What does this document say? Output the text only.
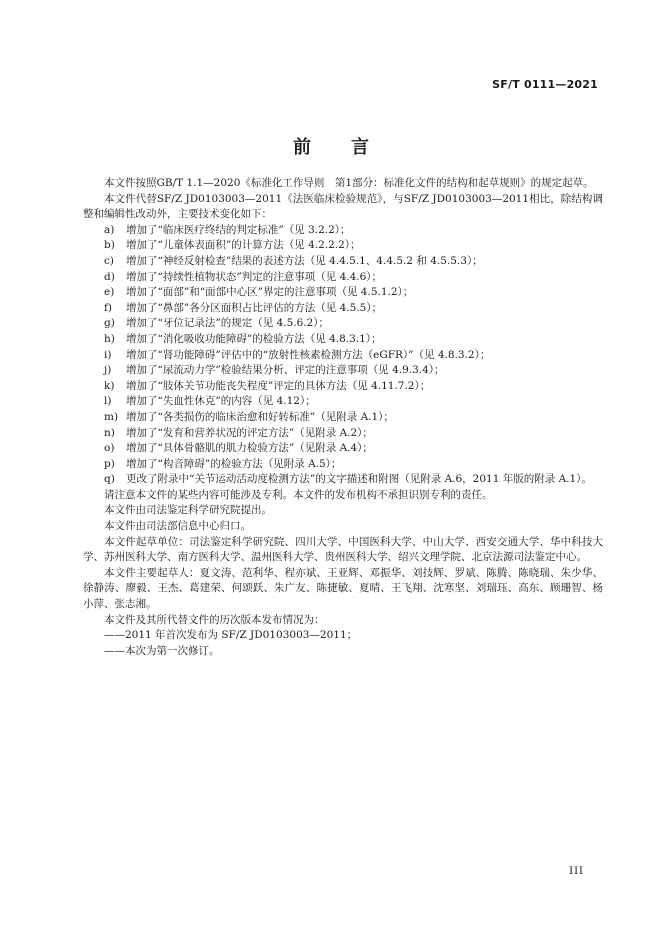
SF/T 0111—2021
前言

本文件按照GB/T 1.1—2020《标准化工作导则　第1部分：标准化文件的结构和起草规则》的规定起草。

本文件代替SF/Z JD0103003—2011《法医临床检验规范》，与SF/Z JD0103003—2011相比，除结构调整和编辑性改动外，主要技术变化如下：

a)	增加了“临床医疗终结的判定标准”（见 3.2.2）；
b)	增加了“儿童体表面积”的计算方法（见 4.2.2.2）；
c)	增加了“神经反射检查”结果的表述方法（见 4.4.5.1、4.4.5.2 和 4.5.5.3）；
d)	增加了“持续性植物状态”判定的注意事项（见 4.4.6）；
e)	增加了“面部”和“面部中心区”界定的注意事项（见 4.5.1.2）；
f)	增加了“鼻部”各分区面积占比评估的方法（见 4.5.5）；
g)	增加了“牙位记录法”的规定（见 4.5.6.2）；
h)	增加了“消化吸收功能障碍”的检验方法（见 4.8.3.1）；
i)	增加了“肾功能障碍”评估中的“放射性核素检测方法（eGFR）”（见 4.8.3.2）；
j)	增加了“尿流动力学”检验结果分析、评定的注意事项（见 4.9.3.4）；
k)	增加了“肢体关节功能丧失程度”评定的具体方法（见 4.11.7.2）；
l)	增加了“失血性休克”的内容（见 4.12）；
m) 增加了“各类损伤的临床治愈和好转标准”（见附录 A.1）；
n)	增加了“发育和营养状况的评定方法”（见附录 A.2）；
o)	增加了“具体骨骼肌的肌力检验方法”（见附录 A.4）；
p)	增加了“构音障碍”的检验方法（见附录 A.5）；
q)	更改了附录中“关节运动活动度检测方法”的文字描述和附图（见附录 A.6，2011 年版的附录 A.1）。

请注意本文件的某些内容可能涉及专利。本文件的发布机构不承担识别专利的责任。

本文件由司法鉴定科学研究院提出。

本文件由司法部信息中心归口。

本文件起草单位：司法鉴定科学研究院、四川大学、中国医科大学、中山大学、西安交通大学、华中科技大学、苏州医科大学、南方医科大学、温州医科大学、贵州医科大学、绍兴文理学院、北京法源司法鉴定中心。

本文件主要起草人：夏文涛、范利华、程亦斌、王亚辉、邓振华、刘技辉、罗斌、陈腾、陈晓瑞、朱少华、徐静涛、廖毅、王杰、葛建荣、何颂跃、朱广友、陈捷敏、夏晴、王飞翔、沈寒坚、刘瑞珏、高东、顾珊智、杨小萍、张志湘。

本文件及其所代替文件的历次版本发布情况为：

——2011 年首次发布为 SF/Z JD0103003—2011；

——本次为第一次修订。

III
